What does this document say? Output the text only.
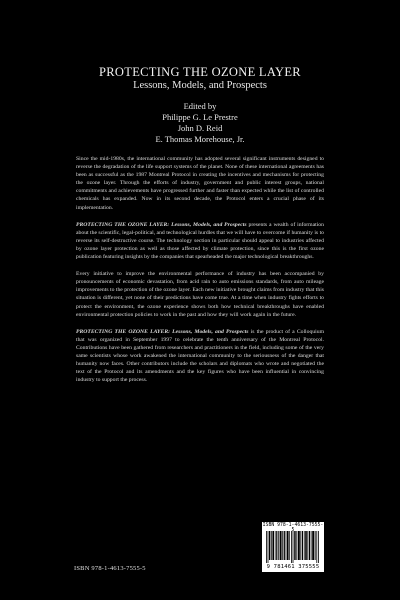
PROTECTING THE OZONE LAYER
Lessons, Models, and Prospects
Edited by
Philippe G. Le Prestre
John D. Reid
E. Thomas Morehouse, Jr.

Since the mid-1980s, the international community has adopted several significant instruments designed to reverse the degradation of the life support systems of the planet. None of these international agreements has been as successful as the 1987 Montreal Protocol in creating the incentives and mechanisms for protecting the ozone layer. Through the efforts of industry, government and public interest groups, national commitments and achievements have progressed further and faster than expected while the list of controlled chemicals has expanded. Now in its second decade, the Protocol enters a crucial phase of its implementation.

PROTECTING THE OZONE LAYER: Lessons, Models, and Prospects presents a wealth of information about the scientific, legal-political, and technological hurdles that we will have to overcome if humanity is to reverse its self-destructive course. The technology section in particular should appeal to industries affected by ozone layer protection as well as those affected by climate protection, since this is the first ozone publication featuring insights by the companies that spearheaded the major technological breakthroughs.

Every initiative to improve the environmental performance of industry has been accompanied by pronouncements of economic devastation, from acid rain to auto emissions standards, from auto mileage improvements to the protection of the ozone layer. Each new initiative brought claims from industry that this situation is different, yet none of their predictions have come true. At a time when industry fights efforts to protect the environment, the ozone experience shows both how technical breakthroughs have enabled environmental protection policies to work in the past and how they will work again in the future.

PROTECTING THE OZONE LAYER: Lessons, Models, and Prospects is the product of a Colloquium that was organized in September 1997 to celebrate the tenth anniversary of the Montreal Protocol. Contributions have been gathered from researchers and practitioners in the field, including some of the very same scientists whose work awakened the international community to the seriousness of the danger that humanity now faces. Other contributors include the scholars and diplomats who wrote and negotiated the text of the Protocol and its amendments and the key figures who have been influential in convincing industry to support the process.

ISBN 978-1-4613-7555-5
ISBN 978-1-4613-7555-5
9 781461 375555
